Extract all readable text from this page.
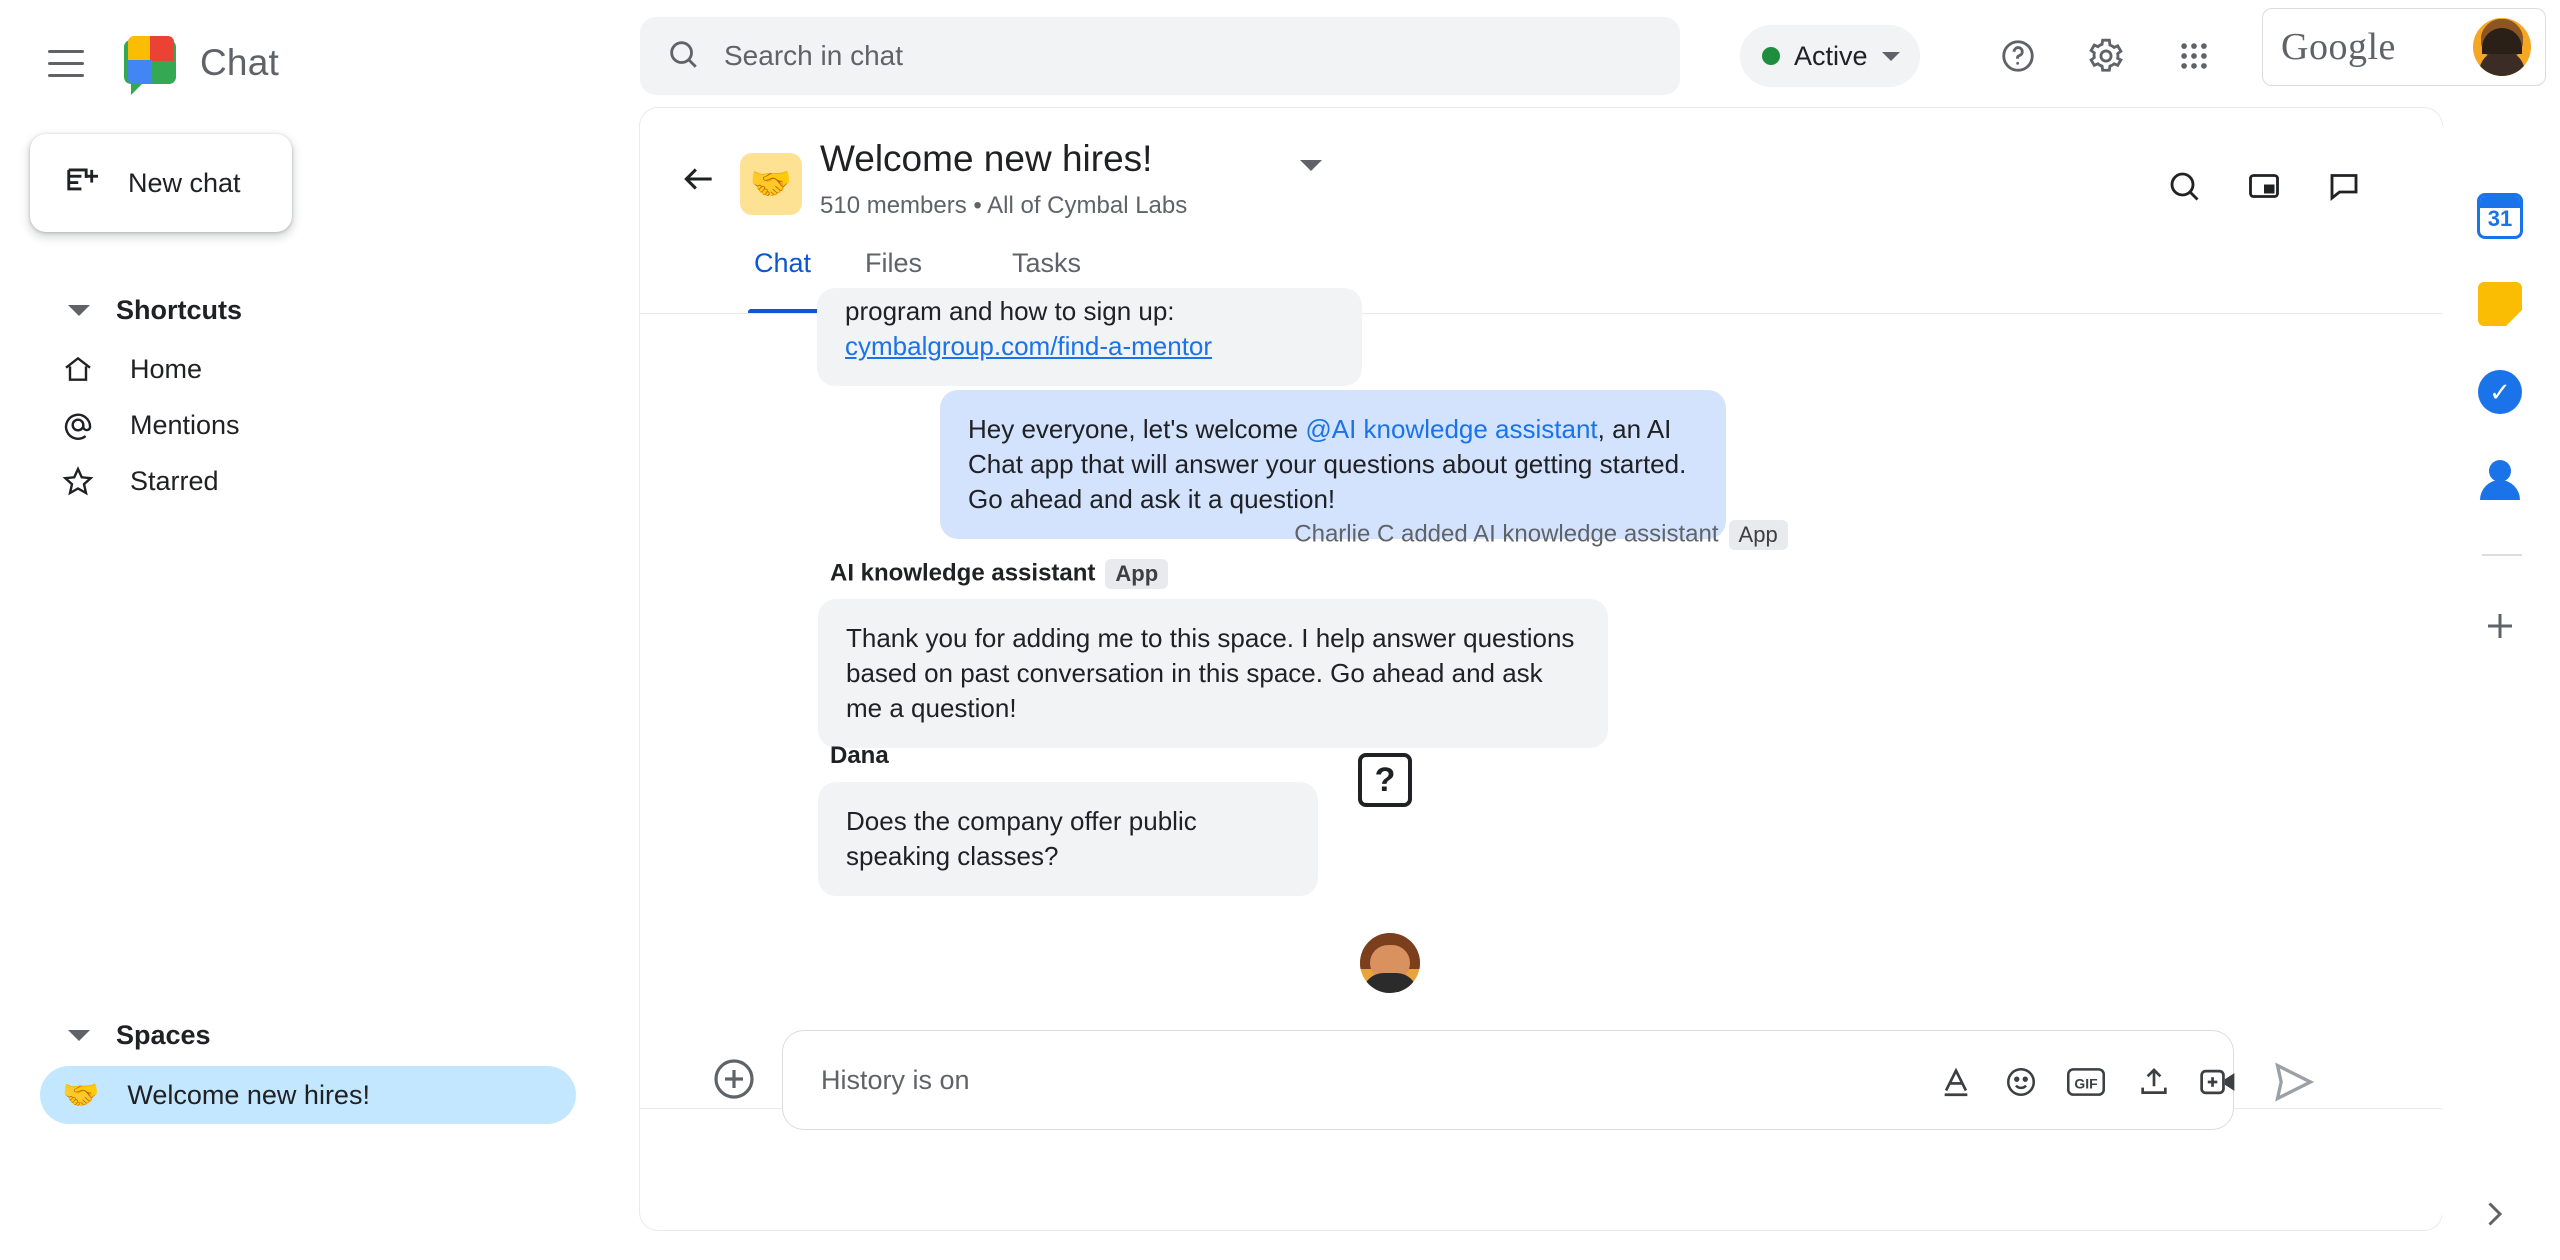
Chat
Search in chat	Active	Google
New chat
Shortcuts
Home
Mentions
Starred
Spaces
🤝 Welcome new hires!
🤝
Welcome new hires!
510 members • All of Cymbal Labs
Chat Files	Tasks
program and how to sign up:
cymbalgroup.com/find-a-mentor
Hey everyone, let's welcome @AI knowledge assistant, an AI Chat app that will answer your questions about getting started. Go ahead and ask it a question!
Charlie C added AI knowledge assistant App
AI knowledge assistant App
Thank you for adding me to this space. I help answer questions based on past conversation in this space. Go ahead and ask me a question!
Dana
Does the company offer public speaking classes?
?
History is on
GIF
31
✓
